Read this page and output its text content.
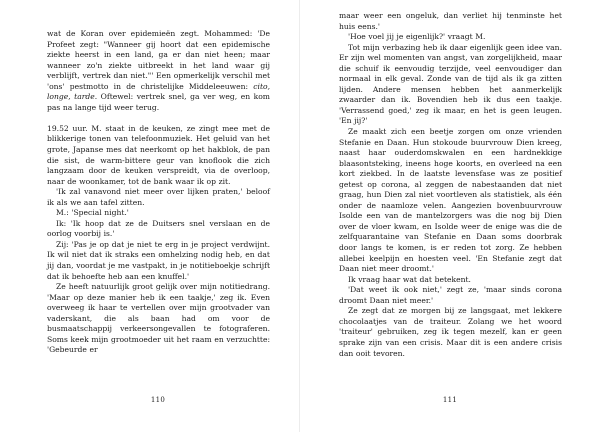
wat de Koran over epidemieën zegt. Mohammed: 'De Profeet zegt: "Wanneer gij hoort dat een epidemische ziekte heerst in een land, ga er dan niet heen; maar wanneer zo'n ziekte uitbreekt in het land waar gij verblijft, vertrek dan niet."' Een opmerkelijk verschil met 'ons' pestmotto in de christelijke Middeleeuwen: cito, longe, tarde. Oftewel: vertrek snel, ga ver weg, en kom pas na lange tijd weer terug.

19.52 uur. M. staat in de keuken, ze zingt mee met de blikkerige tonen van telefoonmuziek. Het geluid van het grote, Japanse mes dat neerkomt op het hakblok, de pan die sist, de warm-bittere geur van knoflook die zich langzaam door de keuken verspreidt, via de overloop, naar de woonkamer, tot de bank waar ik op zit.

'Ik zal vanavond niet meer over lijken praten,' beloof ik als we aan tafel zitten.

M.: 'Special night.'

Ik: 'Ik hoop dat ze de Duitsers snel verslaan en de oorlog voorbij is.'

Zij: 'Pas je op dat je niet te erg in je project verdwijnt. Ik wil niet dat ik straks een omhelzing nodig heb, en dat jij dan, voordat je me vastpakt, in je notitieboekje schrijft dat ik behoefte heb aan een knuffel.'

Ze heeft natuurlijk groot gelijk over mijn notitiedrang. 'Maar op deze manier heb ik een taakje,' zeg ik. Even overweeg ik haar te vertellen over mijn grootvader van vaderskant, die als baan had om voor de busmaatschappij verkeersongevallen te fotograferen. Soms keek mijn grootmoeder uit het raam en verzuchtte: 'Gebeurde er

110

maar weer een ongeluk, dan verliet hij tenminste het huis eens.'

'Hoe voel jij je eigenlijk?' vraagt M.

Tot mijn verbazing heb ik daar eigenlijk geen idee van. Er zijn wel momenten van angst, van zorgelijkheid, maar die schuif ik eenvoudig terzijde, veel eenvoudiger dan normaal in elk geval. Zonde van de tijd als ik ga zitten lijden. Andere mensen hebben het aanmerkelijk zwaarder dan ik. Bovendien heb ik dus een taakje. 'Verrassend goed,' zeg ik maar, en het is geen leugen. 'En jij?'

Ze maakt zich een beetje zorgen om onze vrienden Stefanie en Daan. Hun stokoude buurvrouw Dien kreeg, naast haar ouderdomskwalen en een hardnekkige blaasontsteking, ineens hoge koorts, en overleed na een kort ziekbed. In de laatste levensfase was ze positief getest op corona, al zeggen de nabestaanden dat niet graag, hun Dien zal niet voortleven als statistiek, als één onder de naamloze velen. Aangezien bovenbuurvrouw Isolde een van de mantelzorgers was die nog bij Dien over de vloer kwam, en Isolde weer de enige was die de zelfquarantaine van Stefanie en Daan soms doorbrak door langs te komen, is er reden tot zorg. Ze hebben allebei keelpijn en hoesten veel. 'En Stefanie zegt dat Daan niet meer droomt.'

Ik vraag haar wat dat betekent.

'Dat weet ik ook niet,' zegt ze, 'maar sinds corona droomt Daan niet meer.'

Ze zegt dat ze morgen bij ze langsgaat, met lekkere chocolaatjes van de traiteur. Zolang we het woord 'traiteur' gebruiken, zeg ik tegen mezelf, kan er geen sprake zijn van een crisis. Maar dit is een andere crisis dan ooit tevoren.

111
